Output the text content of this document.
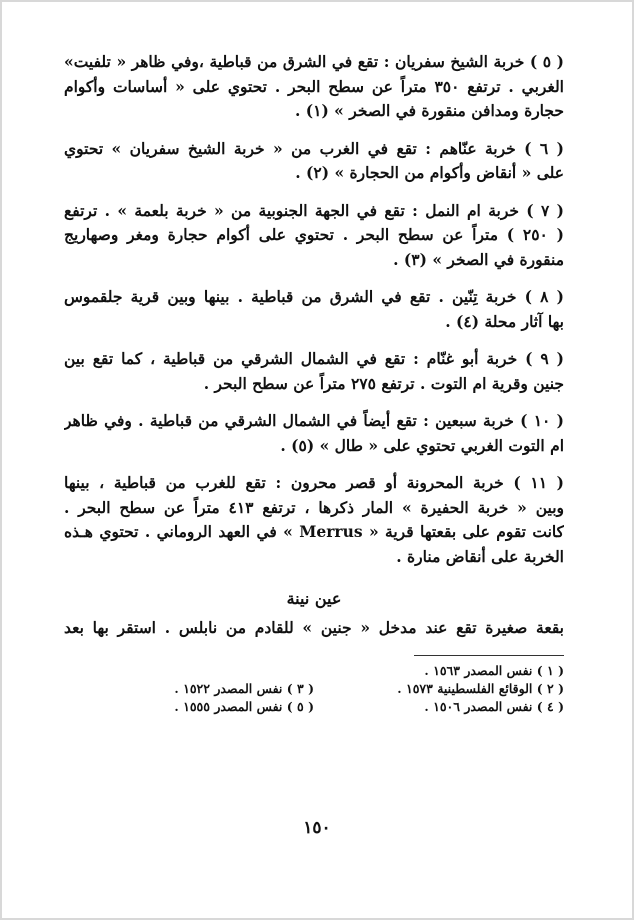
( ٥ ) خربة الشيخ سفريان : تقع في الشرق من قباطية ،وفي ظاهر « تلفيت»
الغربي . ترتفع ٣٥٠ متراً عن سطح البحر . تحتوي على « أساسات وأكوام
حجارة ومدافن منقورة في الصخر » (١) .
( ٦ ) خربة عنّاهم : تقع في الغرب من « خربة الشيخ سفريان » تحتوي
على « أنقاض وأكوام من الحجارة » (٢) .
( ٧ ) خربة ام النمل : تقع في الجهة الجنوبية من « خربة بلعمة » . ترتفع
( ٢٥٠ ) متراً عن سطح البحر . تحتوي على أكوام حجارة ومغر وصهاريج
منقورة في الصخر » (٣) .
( ٨ ) خربة تِنّين . تقع في الشرق من قباطية . بينها وبين قرية جلقموس
بها آثار محلة (٤) .
( ٩ ) خربة أبو غنّام : تقع في الشمال الشرقي من قباطية ، كما تقع بين
جنين وقرية ام التوت . ترتفع ٢٧٥ متراً عن سطح البحر .
( ١٠ ) خربة سبعين : تقع أيضاً في الشمال الشرقي من قباطية . وفي ظاهر
ام التوت الغربي تحتوي على « طال » (٥) .
( ١١ ) خربة المحرونة أو قصر محرون : تقع للغرب من قباطية ، بينها
وبين « خربة الحفيرة » المار ذكرها ، ترتفع ٤١٣ متراً عن سطح البحر .
كانت تقوم على بقعتها قرية « Merrus » في العهد الروماني . تحتوي هـذه
الخربة على أنقاض منارة .
عين نينة
بقعة صغيرة تقع عند مدخل « جنين » للقادم من نابلس . استقر بها بعد
( ١ ) نفس المصدر ١٥٦٣ .
( ٢ ) الوقائع الفلسطينية ١٥٧٣ .
( ٣ ) نفس المصدر ١٥٢٢ .
( ٤ ) نفس المصدر ١٥٠٦ .
( ٥ ) نفس المصدر ١٥٥٥ .
١٥٠
